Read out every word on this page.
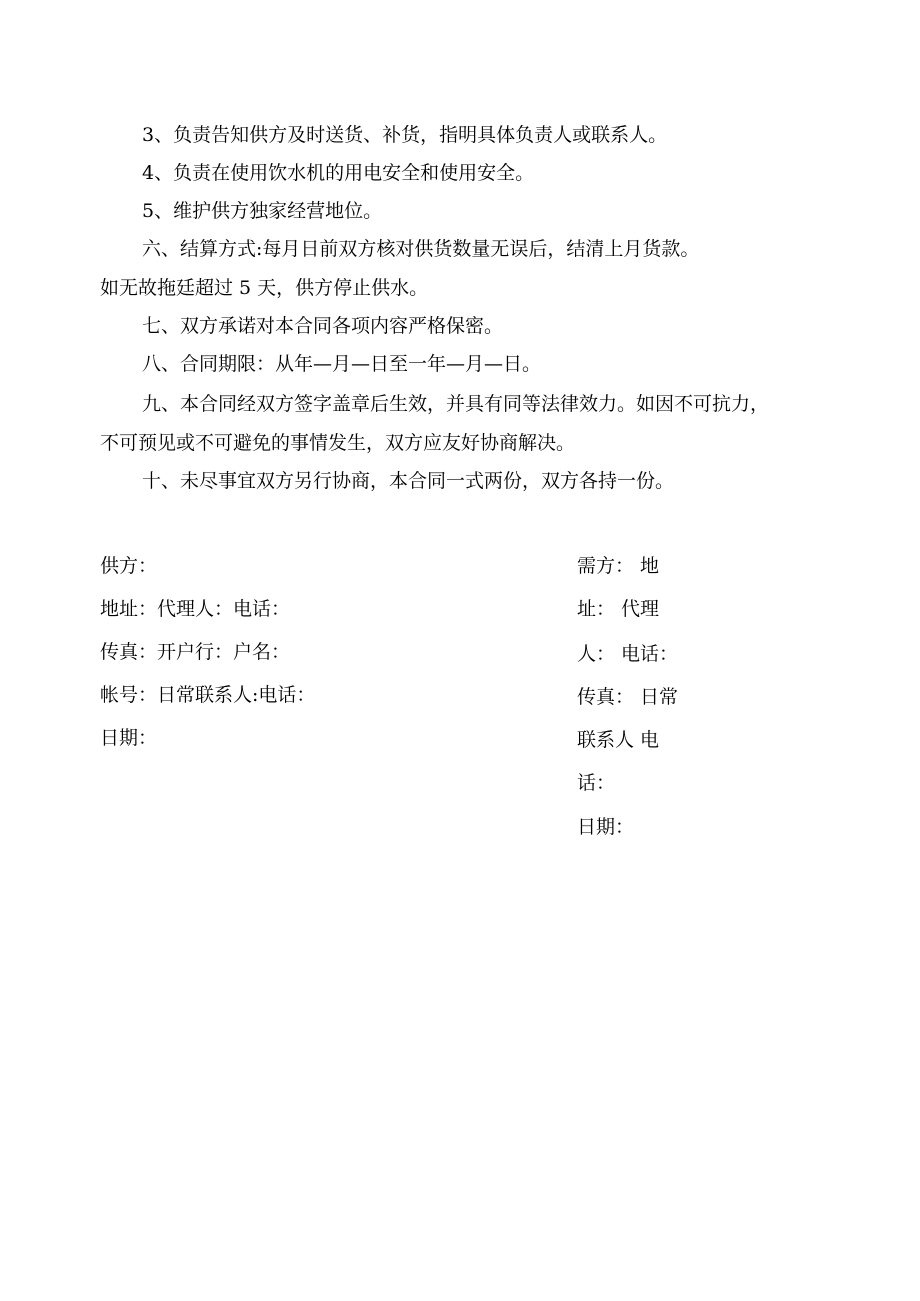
3、负责告知供方及时送货、补货，指明具体负责人或联系人。

4、负责在使用饮水机的用电安全和使用安全。

5、维护供方独家经营地位。

六、结算方式:每月日前双方核对供货数量无误后，结清上月货款。

如无故拖廷超过 5 天，供方停止供水。

七、双方承诺对本合同各项内容严格保密。

八、合同期限：从年—月—日至一年—月—日。

九、本合同经双方签字盖章后生效，并具有同等法律效力。如因不可抗力，

不可预见或不可避免的事情发生，双方应友好协商解决。

十、未尽事宜双方另行协商，本合同一式两份，双方各持一份。

供方：

地址：代理人：电话：

传真：开户行：户名：

帐号：日常联系人:电话：

日期：

需方： 地

址： 代理

人： 电话：

传真： 日常

联系人 电

话：

日期：
